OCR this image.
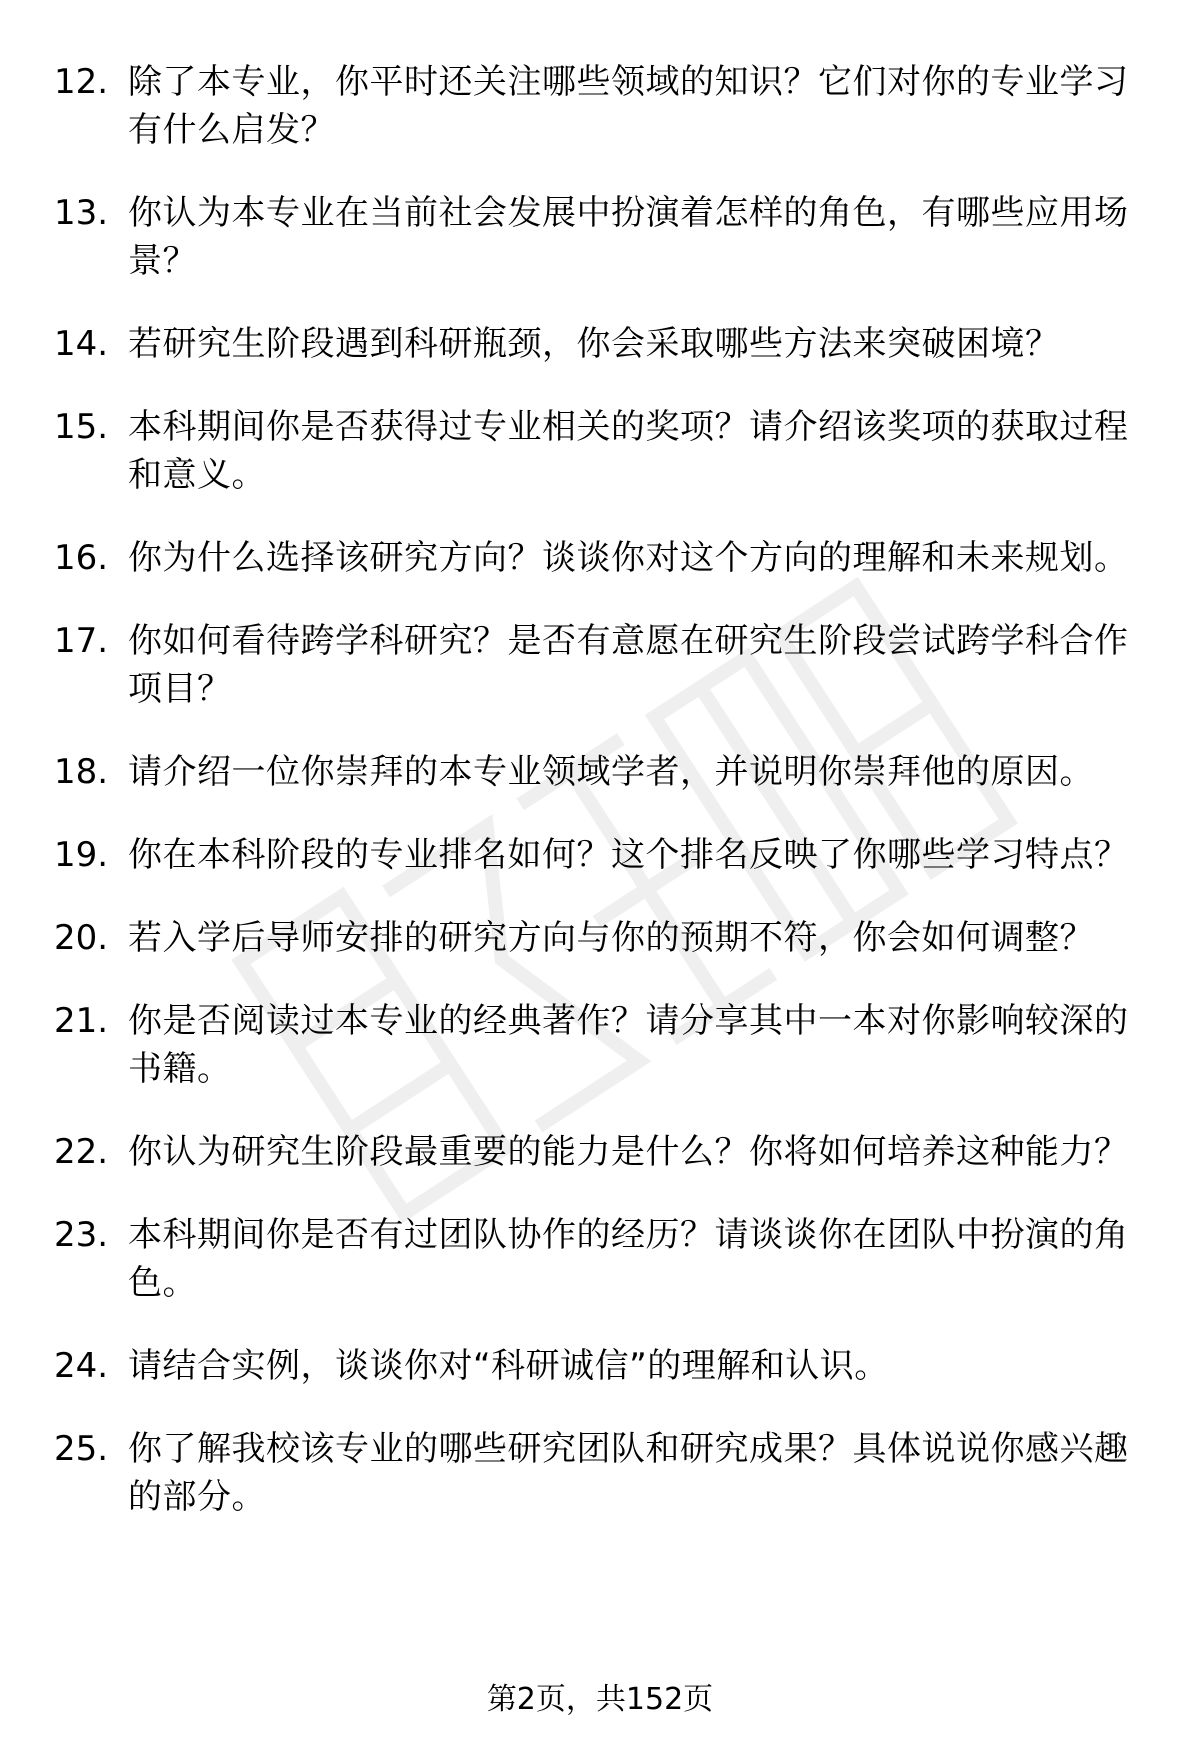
12. 除了本专业，你平时还关注哪些领域的知识？它们对你的专业学习有什么启发？
13. 你认为本专业在当前社会发展中扮演着怎样的角色，有哪些应用场景？
14. 若研究生阶段遇到科研瓶颈，你会采取哪些方法来突破困境？
15. 本科期间你是否获得过专业相关的奖项？请介绍该奖项的获取过程和意义。
16. 你为什么选择该研究方向？谈谈你对这个方向的理解和未来规划。
17. 你如何看待跨学科研究？是否有意愿在研究生阶段尝试跨学科合作项目？
18. 请介绍一位你崇拜的本专业领域学者，并说明你崇拜他的原因。
19. 你在本科阶段的专业排名如何？这个排名反映了你哪些学习特点？
20. 若入学后导师安排的研究方向与你的预期不符，你会如何调整？
21. 你是否阅读过本专业的经典著作？请分享其中一本对你影响较深的书籍。
22. 你认为研究生阶段最重要的能力是什么？你将如何培养这种能力？
23. 本科期间你是否有过团队协作的经历？请谈谈你在团队中扮演的角色。
24. 请结合实例，谈谈你对“科研诚信”的理解和认识。
25. 你了解我校该专业的哪些研究团队和研究成果？具体说说你感兴趣的部分。
第2页，共152页
